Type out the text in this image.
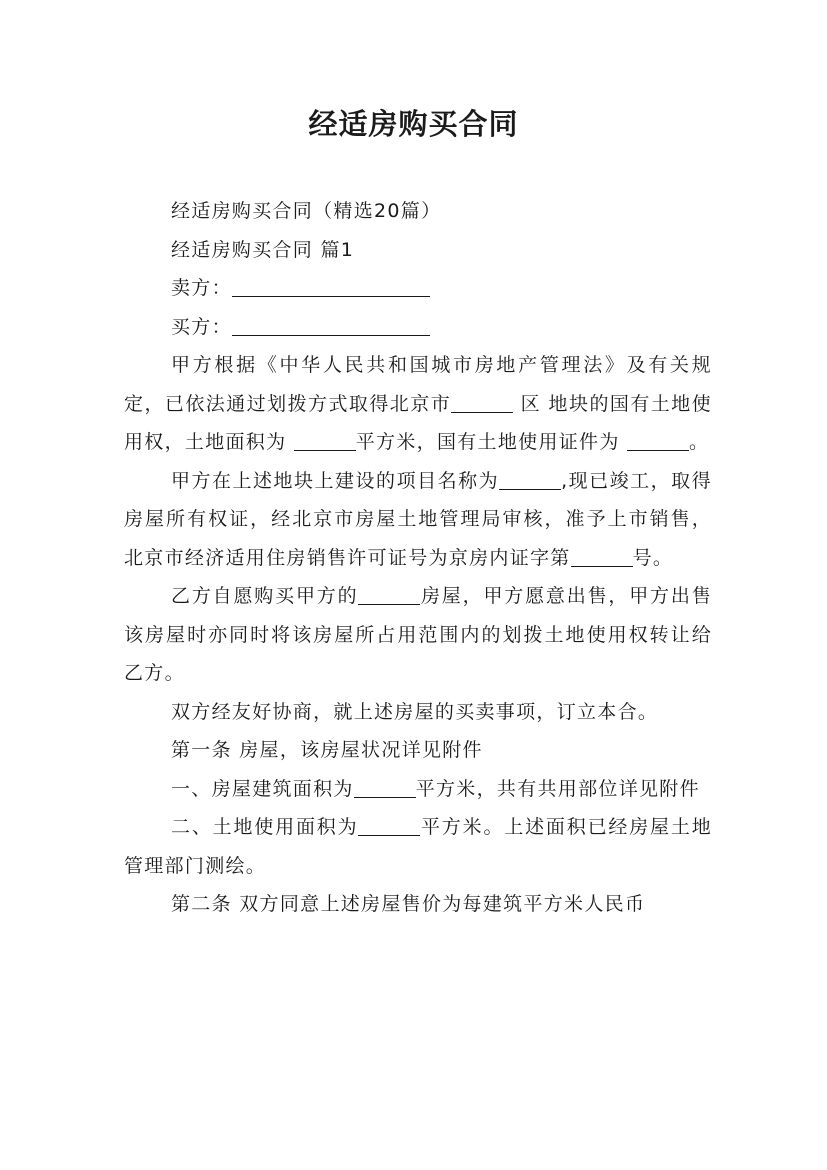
经适房购买合同

经适房购买合同（精选20篇）

经适房购买合同 篇1

卖方：

买方：

甲方根据《中华人民共和国城市房地产管理法》及有关规定，已依法通过划拨方式取得北京市	区 地块的国有土地使用权，土地面积为	平方米，国有土地使用证件为	。

甲方在上述地块上建设的项目名称为	,现已竣工，取得房屋所有权证，经北京市房屋土地管理局审核，准予上市销售，北京市经济适用住房销售许可证号为京房内证字第	号。

乙方自愿购买甲方的	房屋，甲方愿意出售，甲方出售该房屋时亦同时将该房屋所占用范围内的划拨土地使用权转让给乙方。

双方经友好协商，就上述房屋的买卖事项，订立本合。

第一条 房屋，该房屋状况详见附件

一、房屋建筑面积为	平方米，共有共用部位详见附件

二、土地使用面积为	平方米。上述面积已经房屋土地管理部门测绘。

第二条 双方同意上述房屋售价为每建筑平方米人民币
